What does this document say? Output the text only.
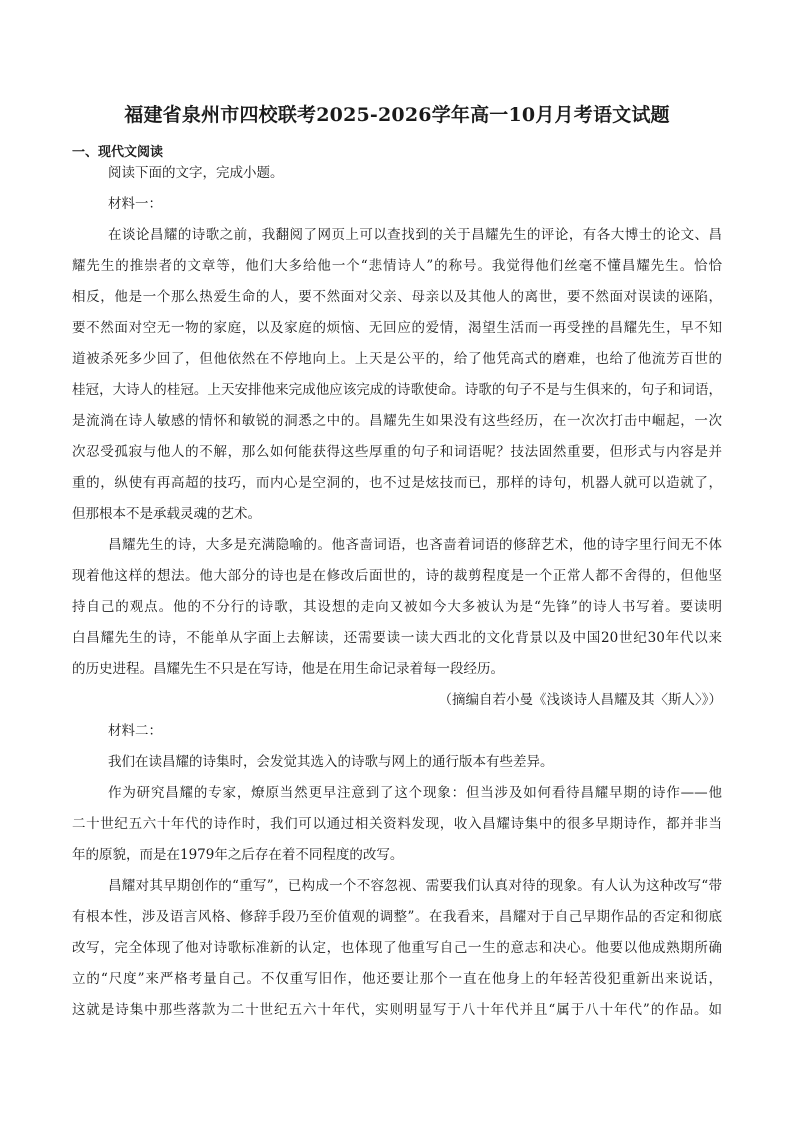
福建省泉州市四校联考2025-2026学年高一10月月考语文试题
一、现代文阅读
阅读下面的文字，完成小题。
材料一：
在谈论昌耀的诗歌之前，我翻阅了网页上可以查找到的关于昌耀先生的评论，有各大博士的论文、昌
耀先生的推崇者的文章等，他们大多给他一个“悲情诗人”的称号。我觉得他们丝毫不懂昌耀先生。恰恰
相反，他是一个那么热爱生命的人，要不然面对父亲、母亲以及其他人的离世，要不然面对误读的诬陷，
要不然面对空无一物的家庭，以及家庭的烦恼、无回应的爱情，渴望生活而一再受挫的昌耀先生，早不知
道被杀死多少回了，但他依然在不停地向上。上天是公平的，给了他凭高式的磨难，也给了他流芳百世的
桂冠，大诗人的桂冠。上天安排他来完成他应该完成的诗歌使命。诗歌的句子不是与生俱来的，句子和词语，
是流淌在诗人敏感的情怀和敏锐的洞悉之中的。昌耀先生如果没有这些经历，在一次次打击中崛起，一次
次忍受孤寂与他人的不解，那么如何能获得这些厚重的句子和词语呢？技法固然重要，但形式与内容是并
重的，纵使有再高超的技巧，而内心是空洞的，也不过是炫技而已，那样的诗句，机器人就可以造就了，
但那根本不是承载灵魂的艺术。
昌耀先生的诗，大多是充满隐喻的。他吝啬词语，也吝啬着词语的修辞艺术，他的诗字里行间无不体
现着他这样的想法。他大部分的诗也是在修改后面世的，诗的裁剪程度是一个正常人都不舍得的，但他坚
持自己的观点。他的不分行的诗歌，其设想的走向又被如今大多被认为是“先锋”的诗人书写着。要读明
白昌耀先生的诗，不能单从字面上去解读，还需要读一读大西北的文化背景以及中国20世纪30年代以来
的历史进程。昌耀先生不只是在写诗，他是在用生命记录着每一段经历。
（摘编自若小曼《浅谈诗人昌耀及其〈斯人〉》）
材料二：
我们在读昌耀的诗集时，会发觉其选入的诗歌与网上的通行版本有些差异。
作为研究昌耀的专家，燎原当然更早注意到了这个现象：但当涉及如何看待昌耀早期的诗作——他
二十世纪五六十年代的诗作时，我们可以通过相关资料发现，收入昌耀诗集中的很多早期诗作，都并非当
年的原貌，而是在1979年之后存在着不同程度的改写。
昌耀对其早期创作的“重写”，已构成一个不容忽视、需要我们认真对待的现象。有人认为这种改写“带
有根本性，涉及语言风格、修辞手段乃至价值观的调整”。在我看来，昌耀对于自己早期作品的否定和彻底
改写，完全体现了他对诗歌标准新的认定，也体现了他重写自己一生的意志和决心。他要以他成熟期所确
立的“尺度”来严格考量自己。不仅重写旧作，他还要让那个一直在他身上的年轻苦役犯重新出来说话，
这就是诗集中那些落款为二十世纪五六十年代，实则明显写于八十年代并且“属于八十年代”的作品。如
